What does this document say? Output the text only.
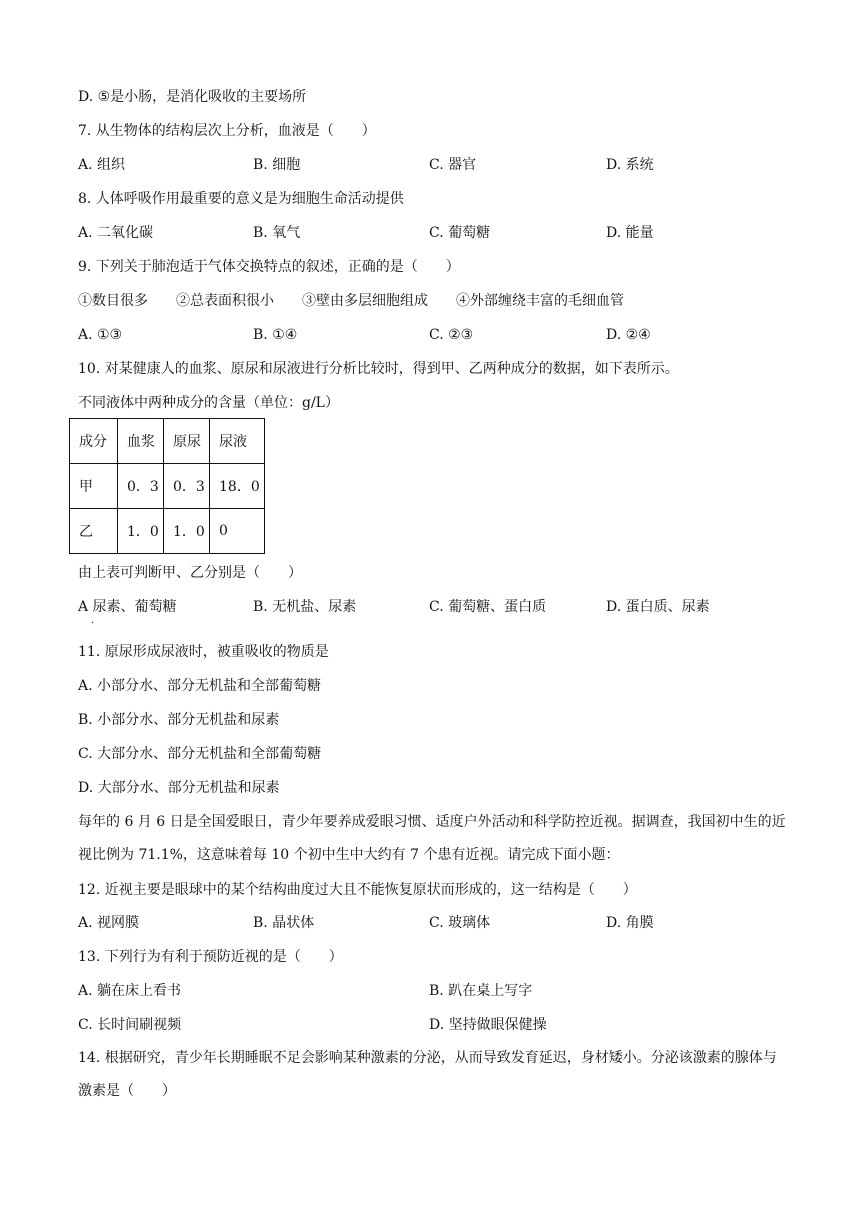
D. ⑤是小肠，是消化吸收的主要场所
7. 从生物体的结构层次上分析，血液是（　　）
A. 组织	B. 细胞	C. 器官	D. 系统
8. 人体呼吸作用最重要的意义是为细胞生命活动提供
A. 二氧化碳	B. 氧气	C. 葡萄糖	D. 能量
9. 下列关于肺泡适于气体交换特点的叙述，正确的是（　　）
①数目很多　　②总表面积很小　　③壁由多层细胞组成　　④外部缠绕丰富的毛细血管
A. ①③	B. ①④	C. ②③	D. ②④
10. 对某健康人的血浆、原尿和尿液进行分析比较时，得到甲、乙两种成分的数据，如下表所示。
不同液体中两种成分的含量（单位：g/L）
成分	血浆	原尿	尿液
甲	0．3	0．3	18．0
乙	1．0	1．0	0
由上表可判断甲、乙分别是（　　）
A 尿素、葡萄糖
.
B. 无机盐、尿素	C. 葡萄糖、蛋白质	D. 蛋白质、尿素
11. 原尿形成尿液时，被重吸收的物质是
A. 小部分水、部分无机盐和全部葡萄糖
B. 小部分水、部分无机盐和尿素
C. 大部分水、部分无机盐和全部葡萄糖
D. 大部分水、部分无机盐和尿素
每年的 6 月 6 日是全国爱眼日，青少年要养成爱眼习惯、适度户外活动和科学防控近视。据调查，我国初中生的近视比例为 71.1%，这意味着每 10 个初中生中大约有 7 个患有近视。请完成下面小题：
12. 近视主要是眼球中的某个结构曲度过大且不能恢复原状而形成的，这一结构是（　　）
A. 视网膜	B. 晶状体	C. 玻璃体	D. 角膜
13. 下列行为有利于预防近视的是（　　）
A. 躺在床上看书	B. 趴在桌上写字
C. 长时间刷视频	D. 坚持做眼保健操
14. 根据研究，青少年长期睡眠不足会影响某种激素的分泌，从而导致发育延迟，身材矮小。分泌该激素的腺体与激素是（　　）
